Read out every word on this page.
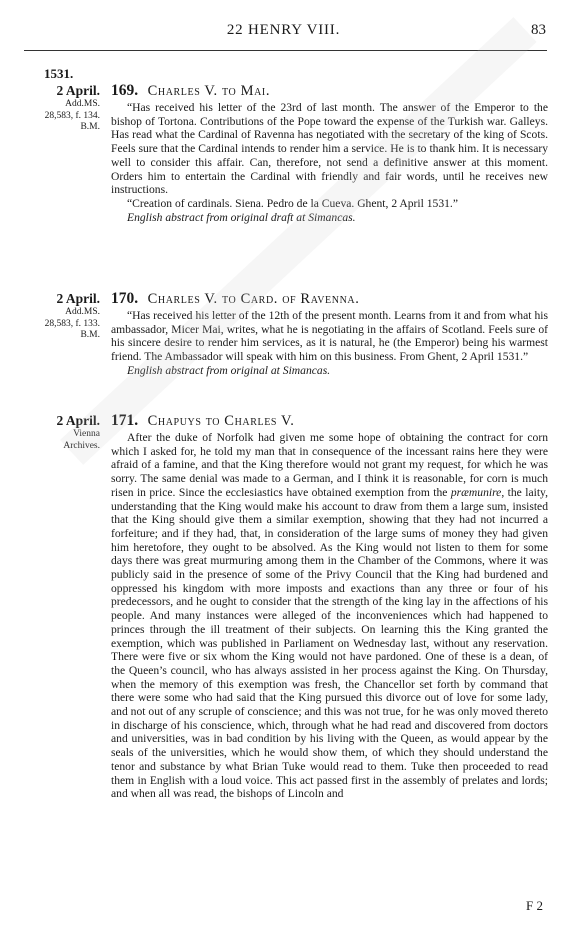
22 HENRY VIII.	83
1531.
2 April.
Add.MS.
28,583, f. 134.
B.M.
169. Charles V. to Mai.

“Has received his letter of the 23rd of last month. The answer of the Emperor to the bishop of Tortona. Contributions of the Pope toward the expense of the Turkish war. Galleys. Has read what the Cardinal of Ravenna has negotiated with the secretary of the king of Scots. Feels sure that the Cardinal intends to render him a service. He is to thank him. It is necessary well to consider this affair. Can, therefore, not send a definitive answer at this moment. Orders him to entertain the Cardinal with friendly and fair words, until he receives new instructions.

“Creation of cardinals. Siena. Pedro de la Cueva. Ghent, 2 April 1531.”

English abstract from original draft at Simancas.

2 April.
Add.MS.
28,583, f. 133.
B.M.
170. Charles V. to Card. of Ravenna.

“Has received his letter of the 12th of the present month. Learns from it and from what his ambassador, Micer Mai, writes, what he is negotiating in the affairs of Scotland. Feels sure of his sincere desire to render him services, as it is natural, he (the Emperor) being his warmest friend. The Ambassador will speak with him on this business. From Ghent, 2 April 1531.”

English abstract from original at Simancas.

2 April.
Vienna
Archives.
171. Chapuys to Charles V.

After the duke of Norfolk had given me some hope of obtaining the contract for corn which I asked for, he told my man that in consequence of the incessant rains here they were afraid of a famine, and that the King therefore would not grant my request, for which he was sorry. The same denial was made to a German, and I think it is reasonable, for corn is much risen in price. Since the ecclesiastics have obtained exemption from the præmunire, the laity, understanding that the King would make his account to draw from them a large sum, insisted that the King should give them a similar exemption, showing that they had not incurred a forfeiture; and if they had, that, in consideration of the large sums of money they had given him heretofore, they ought to be absolved. As the King would not listen to them for some days there was great murmuring among them in the Chamber of the Commons, where it was publicly said in the presence of some of the Privy Council that the King had burdened and oppressed his kingdom with more imposts and exactions than any three or four of his predecessors, and he ought to consider that the strength of the king lay in the affections of his people. And many instances were alleged of the inconveniences which had happened to princes through the ill treatment of their subjects. On learning this the King granted the exemption, which was published in Parliament on Wednesday last, without any reservation. There were five or six whom the King would not have pardoned. One of these is a dean, of the Queen’s council, who has always assisted in her process against the King. On Thursday, when the memory of this exemption was fresh, the Chancellor set forth by command that there were some who had said that the King pursued this divorce out of love for some lady, and not out of any scruple of conscience; and this was not true, for he was only moved thereto in discharge of his conscience, which, through what he had read and discovered from doctors and universities, was in bad condition by his living with the Queen, as would appear by the seals of the universities, which he would show them, of which they should understand the tenor and substance by what Brian Tuke would read to them. Tuke then proceeded to read them in English with a loud voice. This act passed first in the assembly of prelates and lords; and when all was read, the bishops of Lincoln and

F 2
